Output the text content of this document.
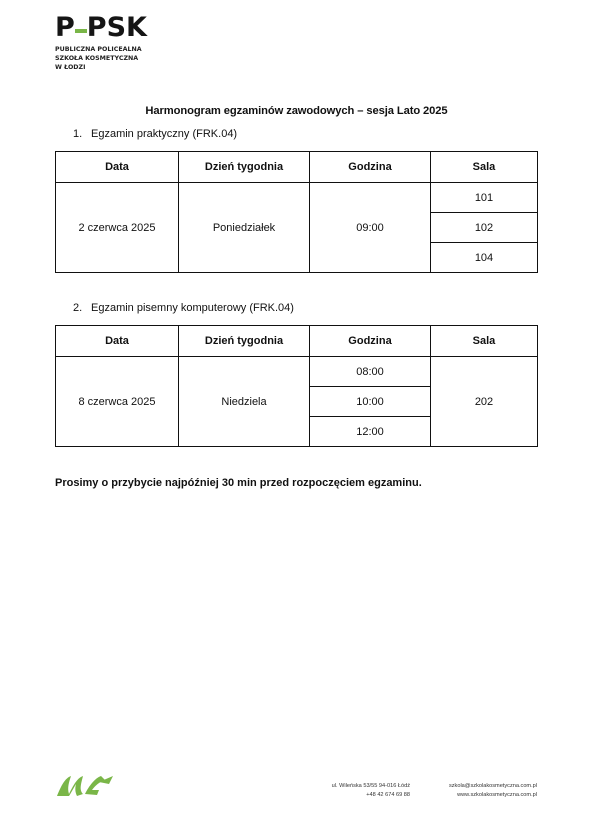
P PSK
PUBLICZNA POLICEALNA
SZKOŁA KOSMETYCZNA
W ŁODZI
Harmonogram egzaminów zawodowych – sesja Lato 2025
1. Egzamin praktyczny (FRK.04)
Data	Dzień tygodnia	Godzina	Sala
2 czerwca 2025	Poniedziałek	09:00	101
			102
			104
2. Egzamin pisemny komputerowy (FRK.04)
Data	Dzień tygodnia	Godzina	Sala
8 czerwca 2025	Niedziela	08:00	202
		10:00	
		12:00	
Prosimy o przybycie najpóźniej 30 min przed rozpoczęciem egzaminu.
ul. Wileńska 53/55 94-016 Łódź
+48 42 674 69 88
szkola@szkolakosmetyczna.com.pl
www.szkolakosmetyczna.com.pl
